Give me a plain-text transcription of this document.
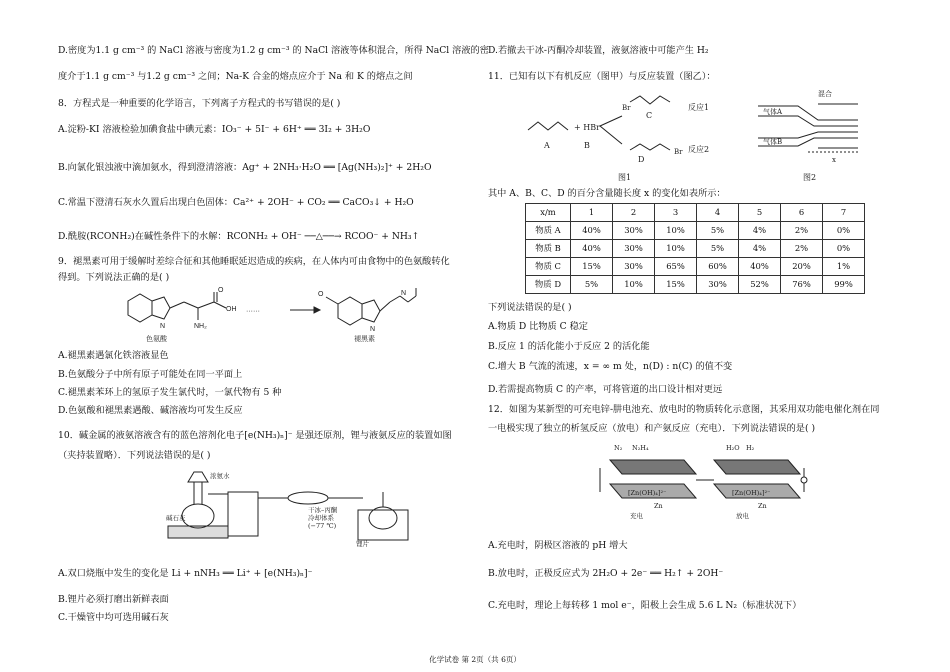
D.密度为1.1 g cm⁻³ 的 NaCl 溶液与密度为1.2 g cm⁻³ 的 NaCl 溶液等体积混合，所得 NaCl 溶液的密
度介于1.1 g cm⁻³ 与1.2 g cm⁻³ 之间；Na-K 合金的熔点应介于 Na 和 K 的熔点之间
8．方程式是一种重要的化学语言，下列离子方程式的书写错误的是( )
A.淀粉-KI 溶液检验加碘食盐中碘元素：IO₃⁻ + 5I⁻ + 6H⁺ ══ 3I₂ + 3H₂O
B.向氯化银浊液中滴加氨水，得到澄清溶液：Ag⁺ + 2NH₃·H₂O ══ [Ag(NH₃)₂]⁺ + 2H₂O
C.常温下澄清石灰水久置后出现白色固体：Ca²⁺ + 2OH⁻ + CO₂ ══ CaCO₃↓ + H₂O
D.酰胺(RCONH₂)在碱性条件下的水解：RCONH₂ + OH⁻ ──△──→ RCOO⁻ + NH₃↑
9．褪黑素可用于缓解时差综合征和其他睡眠延迟造成的疾病，在人体内可由食物中的色氨酸转化
得到。下列说法正确的是( )
NH₂
OH
O
N
······
O
N
N
色氨酸	褪黑素
A.褪黑素遇氯化铁溶液显色
B.色氨酸分子中所有原子可能处在同一平面上
C.褪黑素苯环上的氢原子发生氯代时，一氯代物有 5 种
D.色氨酸和褪黑素遇酸、碱溶液均可发生反应
10．碱金属的液氨溶液含有的蓝色溶剂化电子[e(NH₃)ₙ]⁻ 是强还原剂，锂与液氨反应的装置如图
（夹持装置略）．下列说法错误的是( )
浓氨水
碱石灰
干冰–丙酮
冷却体系
(−77 ℃)
锂片
A.双口烧瓶中发生的变化是 Li + nNH₃ ══ Li⁺ + [e(NH₃)ₙ]⁻
B.锂片必须打磨出新鲜表面
C.干燥管中均可选用碱石灰
D.若撤去干冰-丙酮冷却装置，液氨溶液中可能产生 H₂
11．已知有以下有机反应（图甲）与反应装置（图乙）：
+ HBr
A	B
C
D
Br
Br
反应1
反应2
图1	图2
气体A
气体B
混合
x
其中 A、B、C、D 的百分含量随长度 x 的变化如表所示：
x/m	1	2	3	4	5	6	7
物质 A	40%	30%	10%	5%	4%	2%	0%
物质 B	40%	30%	10%	5%	4%	2%	0%
物质 C	15%	30%	65%	60%	40%	20%	1%
物质 D	5%	10%	15%	30%	52%	76%	99%
下列说法错误的是( )
A.物质 D 比物质 C 稳定
B.反应 1 的活化能小于反应 2 的活化能
C.增大 B 气流的流速，x = ∞ m 处，n(D) : n(C) 的值不变
D.若需提高物质 C 的产率，可将管道的出口设计相对更远
12．如图为某新型的可充电锌-肼电池充、放电时的物质转化示意图，其采用双功能电催化剂在同
一电极实现了独立的析氢反应（放电）和产氨反应（充电）．下列说法错误的是( )
N₂ N₂H₄	H₂O H₂
[Zn(OH)₄]²⁻	[Zn(OH)₄]²⁻
Zn	Zn
充电	放电
A.充电时，阴极区溶液的 pH 增大
B.放电时，正极反应式为 2H₂O + 2e⁻ ══ H₂↑ + 2OH⁻
C.充电时，理论上每转移 1 mol e⁻，阳极上会生成 5.6 L N₂（标准状况下）
化学试卷 第 2页（共 6页）
